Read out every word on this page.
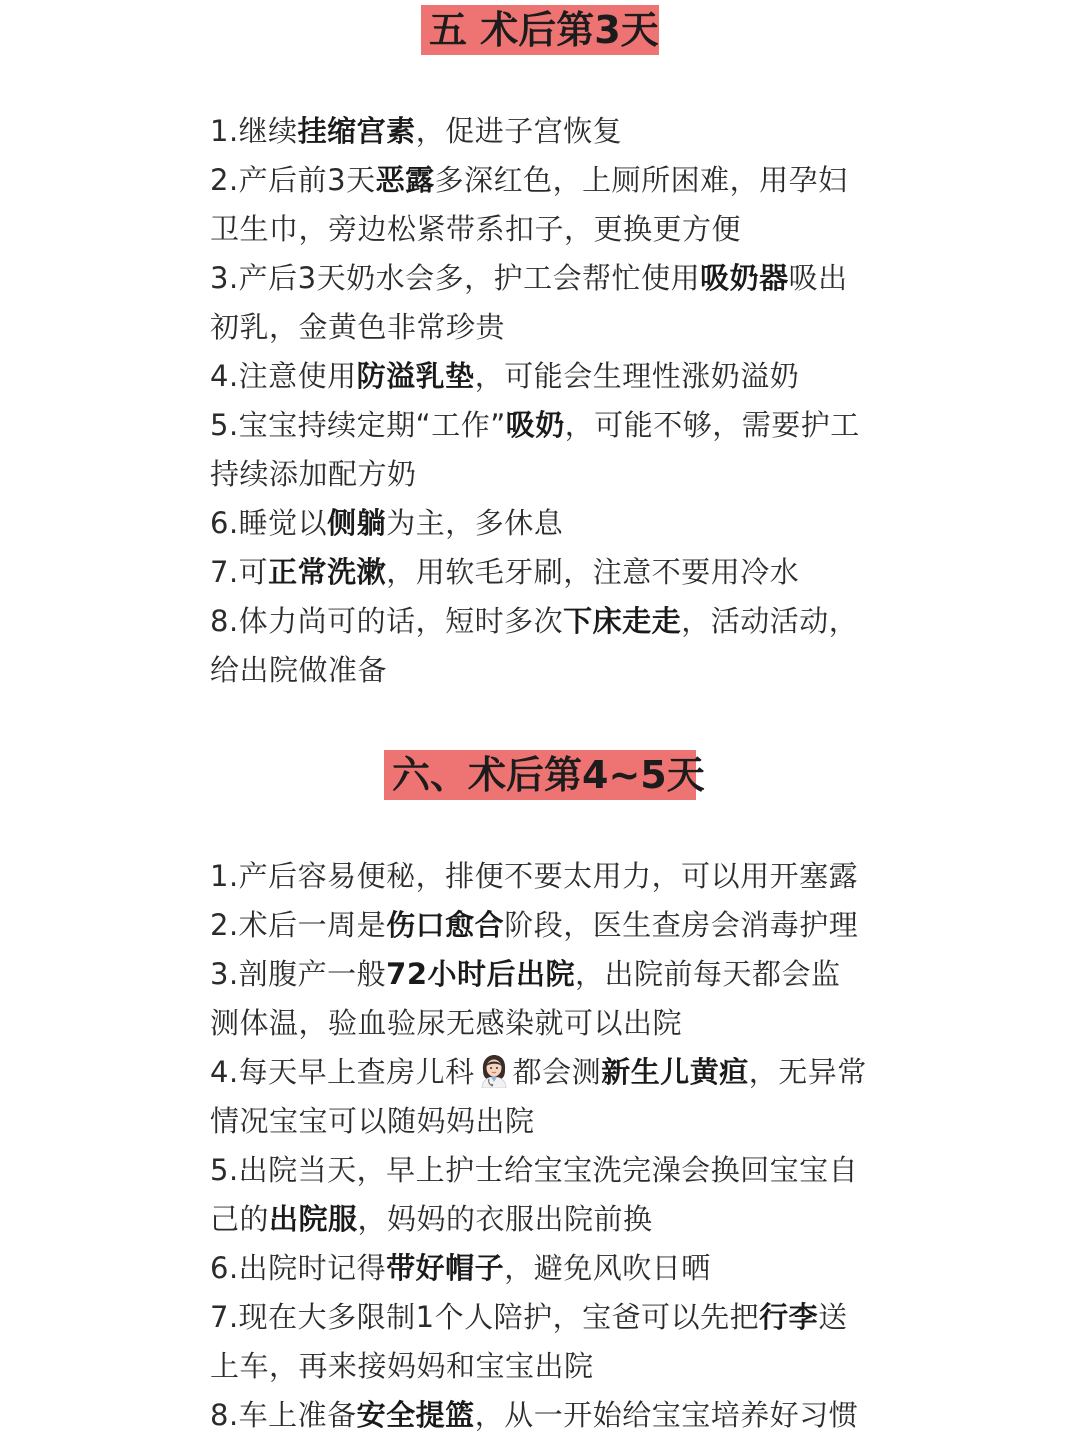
五 术后第3天

1.继续挂缩宫素，促进子宫恢复

2.产后前3天恶露多深红色，上厕所困难，用孕妇卫生巾，旁边松紧带系扣子，更换更方便

3.产后3天奶水会多，护工会帮忙使用吸奶器吸出初乳，金黄色非常珍贵

4.注意使用防溢乳垫，可能会生理性涨奶溢奶

5.宝宝持续定期“工作”吸奶，可能不够，需要护工持续添加配方奶

6.睡觉以侧躺为主，多休息

7.可正常洗漱，用软毛牙刷，注意不要用冷水

8.体力尚可的话，短时多次下床走走，活动活动，给出院做准备

六、术后第4~5天

1.产后容易便秘，排便不要太用力，可以用开塞露

2.术后一周是伤口愈合阶段，医生查房会消毒护理

3.剖腹产一般72小时后出院，出院前每天都会监测体温，验血验尿无感染就可以出院

4.每天早上查房儿科 都会测新生儿黄疸，无异常情况宝宝可以随妈妈出院

5.出院当天，早上护士给宝宝洗完澡会换回宝宝自己的出院服，妈妈的衣服出院前换

6.出院时记得带好帽子，避免风吹日晒

7.现在大多限制1个人陪护，宝爸可以先把行李送上车，再来接妈妈和宝宝出院

8.车上准备安全提篮，从一开始给宝宝培养好习惯
